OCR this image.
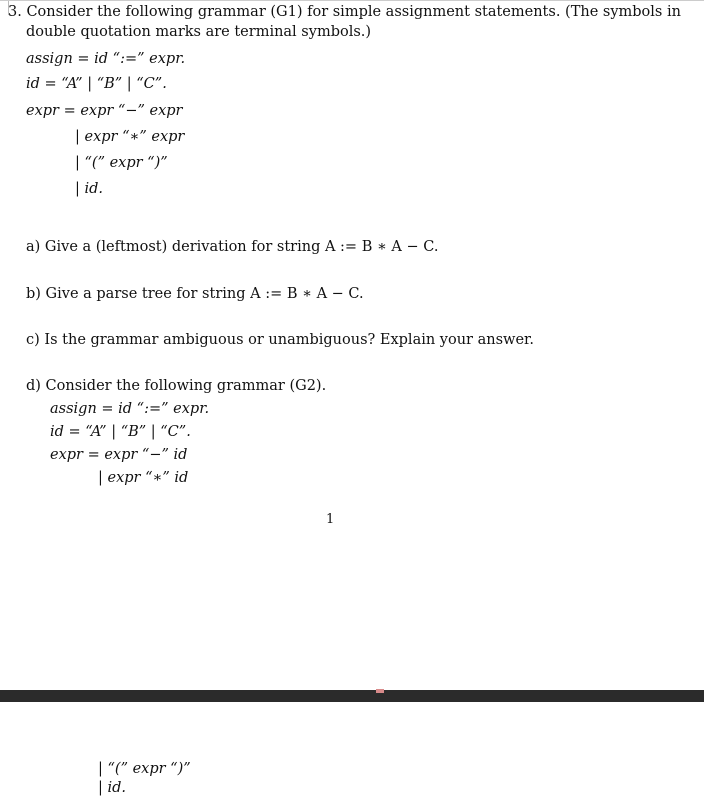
3. Consider the following grammar (G1) for simple assignment statements. (The symbols in
double quotation marks are terminal symbols.)
assign = id “:=” expr.
id = “A” | “B” | “C”.
expr = expr “−” expr
| expr “∗” expr
| “(” expr “)”
| id.
a) Give a (leftmost) derivation for string A := B ∗ A − C.
b) Give a parse tree for string A := B ∗ A − C.
c) Is the grammar ambiguous or unambiguous? Explain your answer.
d) Consider the following grammar (G2).
assign = id “:=” expr.
id = “A” | “B” | “C”.
expr = expr “−” id
| expr “∗” id
1
| “(” expr “)”
| id.
